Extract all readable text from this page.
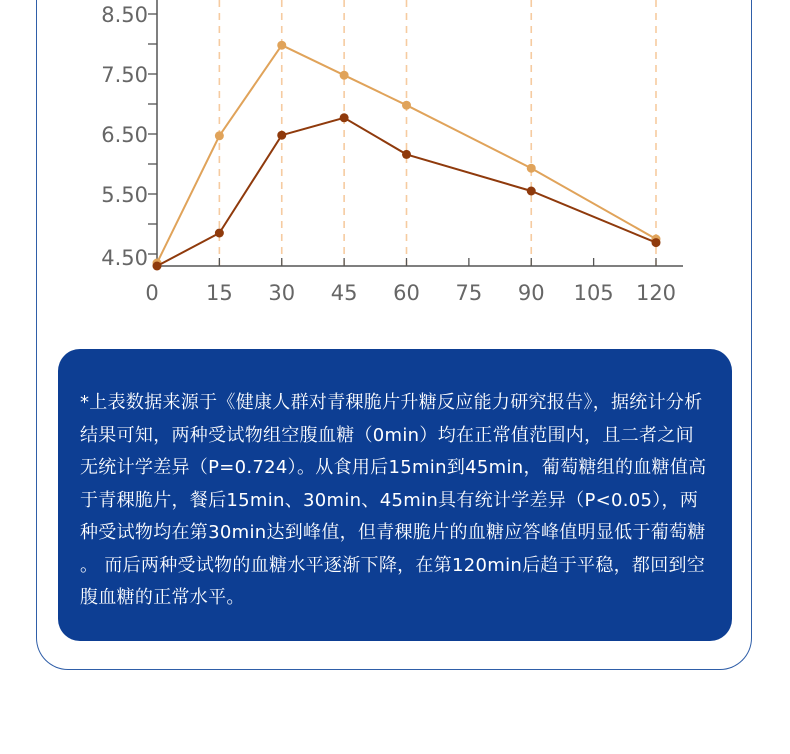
4.50
5.50
6.50
7.50
8.50
0 15 30 45 60 75 90 105 120

*上表数据来源于《健康人群对青稞脆片升糖反应能力研究报告》，据统计分析结果可知，两种受试物组空腹血糖（0min）均在正常值范围内，且二者之间无统计学差异（P=0.724）。从食用后15min到45min，葡萄糖组的血糖值高于青稞脆片，餐后15min、30min、45min具有统计学差异（P<0.05），两种受试物均在第30min达到峰值，但青稞脆片的血糖应答峰值明显低于葡萄糖 。 而后两种受试物的血糖水平逐渐下降，在第120min后趋于平稳，都回到空腹血糖的正常水平。
